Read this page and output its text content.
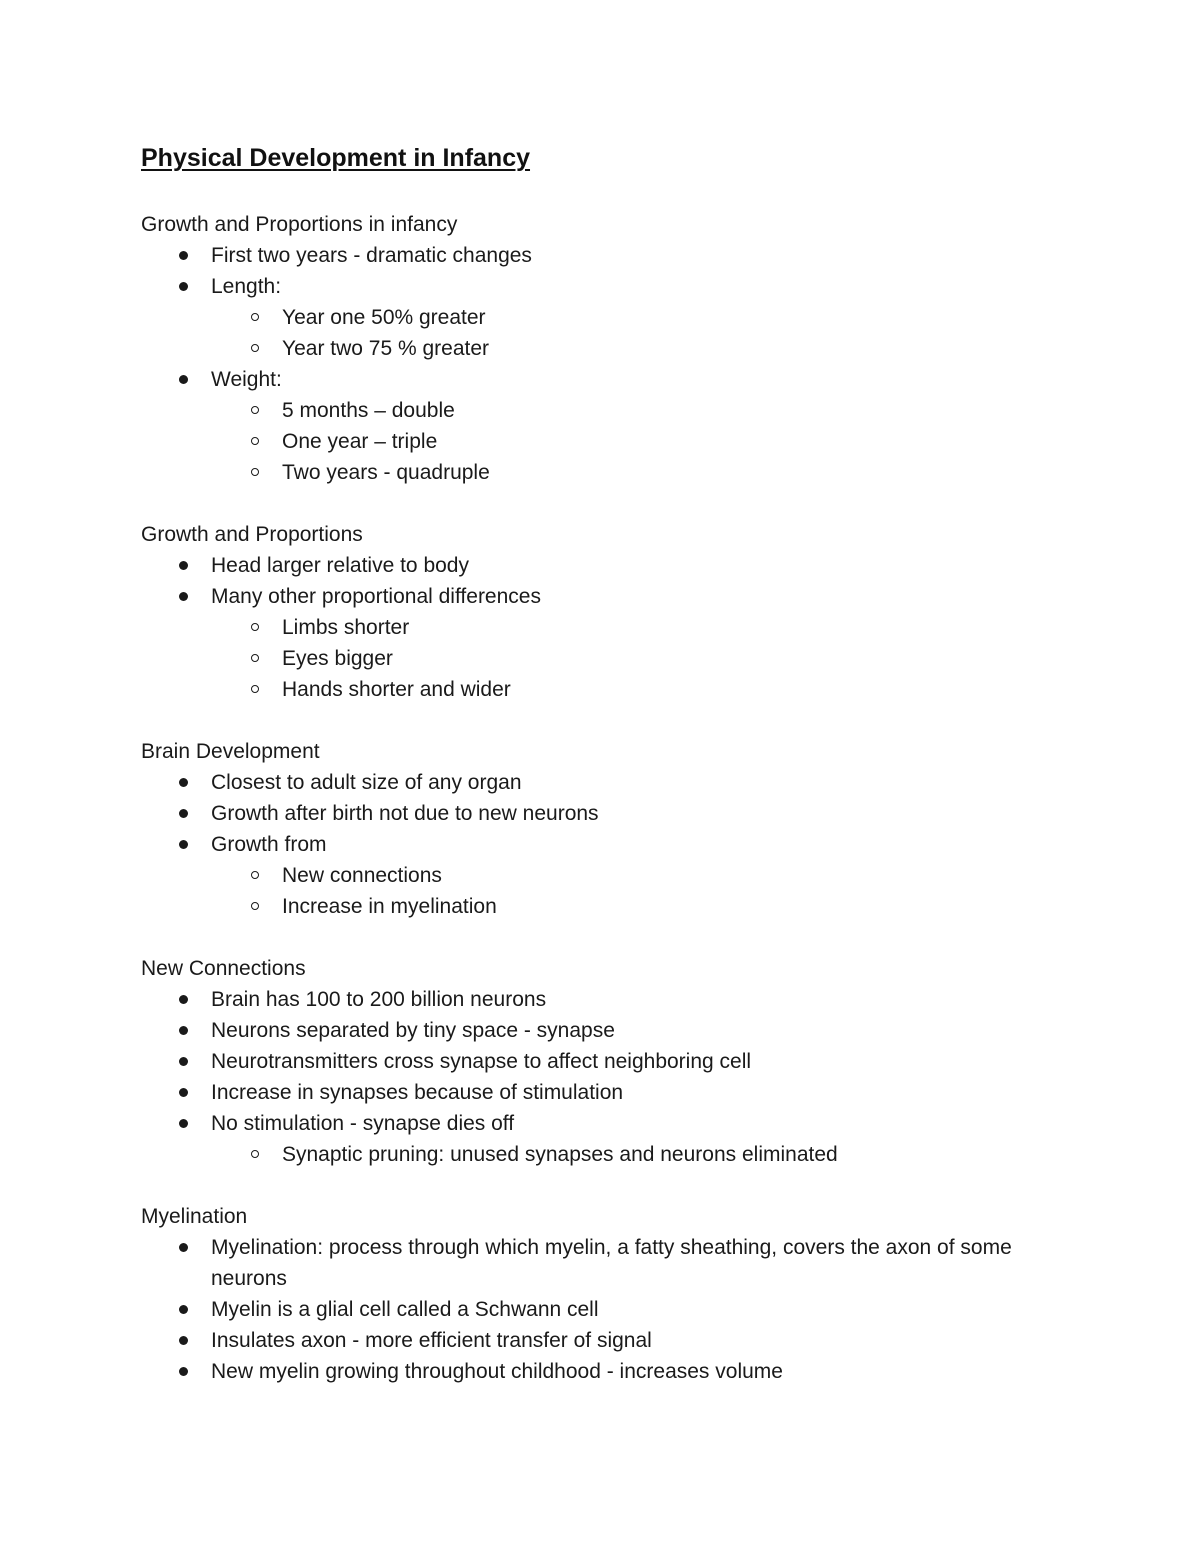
Physical Development in Infancy

Growth and Proportions in infancy

First two years - dramatic changes
Length:
Year one 50% greater
Year two 75 % greater
Weight:
5 months – double
One year – triple
Two years - quadruple

Growth and Proportions

Head larger relative to body
Many other proportional differences
Limbs shorter
Eyes bigger
Hands shorter and wider

Brain Development

Closest to adult size of any organ
Growth after birth not due to new neurons
Growth from
New connections
Increase in myelination

New Connections

Brain has 100 to 200 billion neurons
Neurons separated by tiny space - synapse
Neurotransmitters cross synapse to affect neighboring cell
Increase in synapses because of stimulation
No stimulation - synapse dies off
Synaptic pruning: unused synapses and neurons eliminated

Myelination

Myelination: process through which myelin, a fatty sheathing, covers the axon of some neurons
Myelin is a glial cell called a Schwann cell
Insulates axon - more efficient transfer of signal
New myelin growing throughout childhood - increases volume
